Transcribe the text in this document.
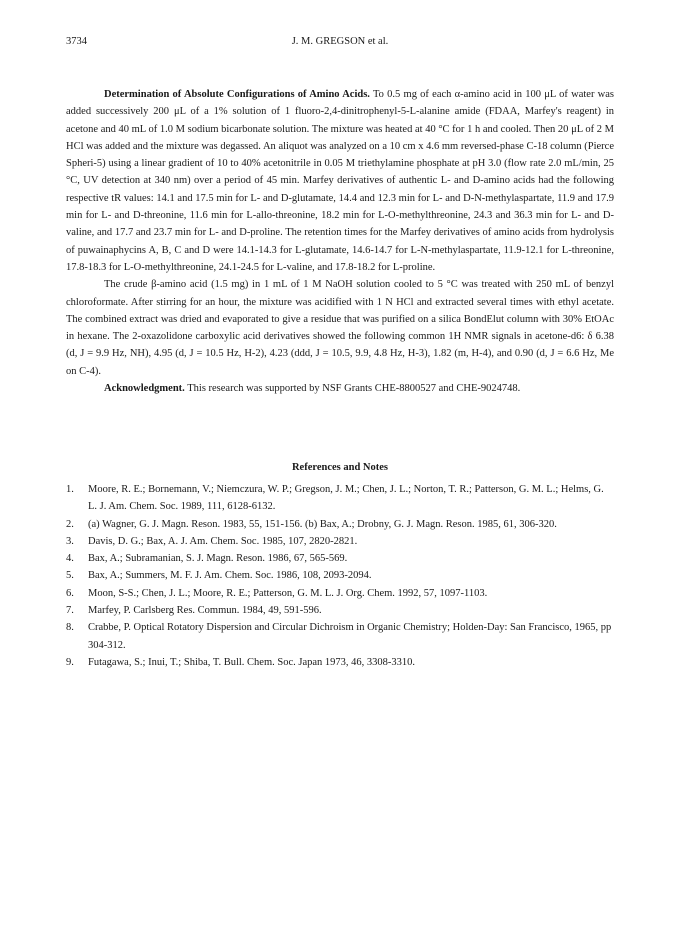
3734	J. M. GREGSON et al.

Determination of Absolute Configurations of Amino Acids. To 0.5 mg of each α-amino acid in 100 μL of water was added successively 200 μL of a 1% solution of 1 fluoro-2,4-dinitrophenyl-5-L-alanine amide (FDAA, Marfey's reagent) in acetone and 40 mL of 1.0 M sodium bicarbonate solution. The mixture was heated at 40 °C for 1 h and cooled. Then 20 μL of 2 M HCl was added and the mixture was degassed. An aliquot was analyzed on a 10 cm x 4.6 mm reversed-phase C-18 column (Pierce Spheri-5) using a linear gradient of 10 to 40% acetonitrile in 0.05 M triethylamine phosphate at pH 3.0 (flow rate 2.0 mL/min, 25 °C, UV detection at 340 nm) over a period of 45 min. Marfey derivatives of authentic L- and D-amino acids had the following respective tR values: 14.1 and 17.5 min for L- and D-glutamate, 14.4 and 12.3 min for L- and D-N-methylaspartate, 11.9 and 17.9 min for L- and D-threonine, 11.6 min for L-allo-threonine, 18.2 min for L-O-methylthreonine, 24.3 and 36.3 min for L- and D-valine, and 17.7 and 23.7 min for L- and D-proline. The retention times for the Marfey derivatives of amino acids from hydrolysis of puwainaphycins A, B, C and D were 14.1-14.3 for L-glutamate, 14.6-14.7 for L-N-methylaspartate, 11.9-12.1 for L-threonine, 17.8-18.3 for L-O-methylthreonine, 24.1-24.5 for L-valine, and 17.8-18.2 for L-proline.

The crude β-amino acid (1.5 mg) in 1 mL of 1 M NaOH solution cooled to 5 °C was treated with 250 mL of benzyl chloroformate. After stirring for an hour, the mixture was acidified with 1 N HCl and extracted several times with ethyl acetate. The combined extract was dried and evaporated to give a residue that was purified on a silica BondElut column with 30% EtOAc in hexane. The 2-oxazolidone carboxylic acid derivatives showed the following common 1H NMR signals in acetone-d6: δ 6.38 (d, J = 9.9 Hz, NH), 4.95 (d, J = 10.5 Hz, H-2), 4.23 (ddd, J = 10.5, 9.9, 4.8 Hz, H-3), 1.82 (m, H-4), and 0.90 (d, J = 6.6 Hz, Me on C-4).

Acknowledgment. This research was supported by NSF Grants CHE-8800527 and CHE-9024748.

References and Notes
1.	Moore, R. E.; Bornemann, V.; Niemczura, W. P.; Gregson, J. M.; Chen, J. L.; Norton, T. R.; Patterson, G. M. L.; Helms, G. L. J. Am. Chem. Soc. 1989, 111, 6128-6132.
2.	(a) Wagner, G. J. Magn. Reson. 1983, 55, 151-156. (b) Bax, A.; Drobny, G. J. Magn. Reson. 1985, 61, 306-320.
3.	Davis, D. G.; Bax, A. J. Am. Chem. Soc. 1985, 107, 2820-2821.
4.	Bax, A.; Subramanian, S. J. Magn. Reson. 1986, 67, 565-569.
5.	Bax, A.; Summers, M. F. J. Am. Chem. Soc. 1986, 108, 2093-2094.
6.	Moon, S-S.; Chen, J. L.; Moore, R. E.; Patterson, G. M. L. J. Org. Chem. 1992, 57, 1097-1103.
7.	Marfey, P. Carlsberg Res. Commun. 1984, 49, 591-596.
8.	Crabbe, P. Optical Rotatory Dispersion and Circular Dichroism in Organic Chemistry; Holden-Day: San Francisco, 1965, pp 304-312.
9.	Futagawa, S.; Inui, T.; Shiba, T. Bull. Chem. Soc. Japan 1973, 46, 3308-3310.
